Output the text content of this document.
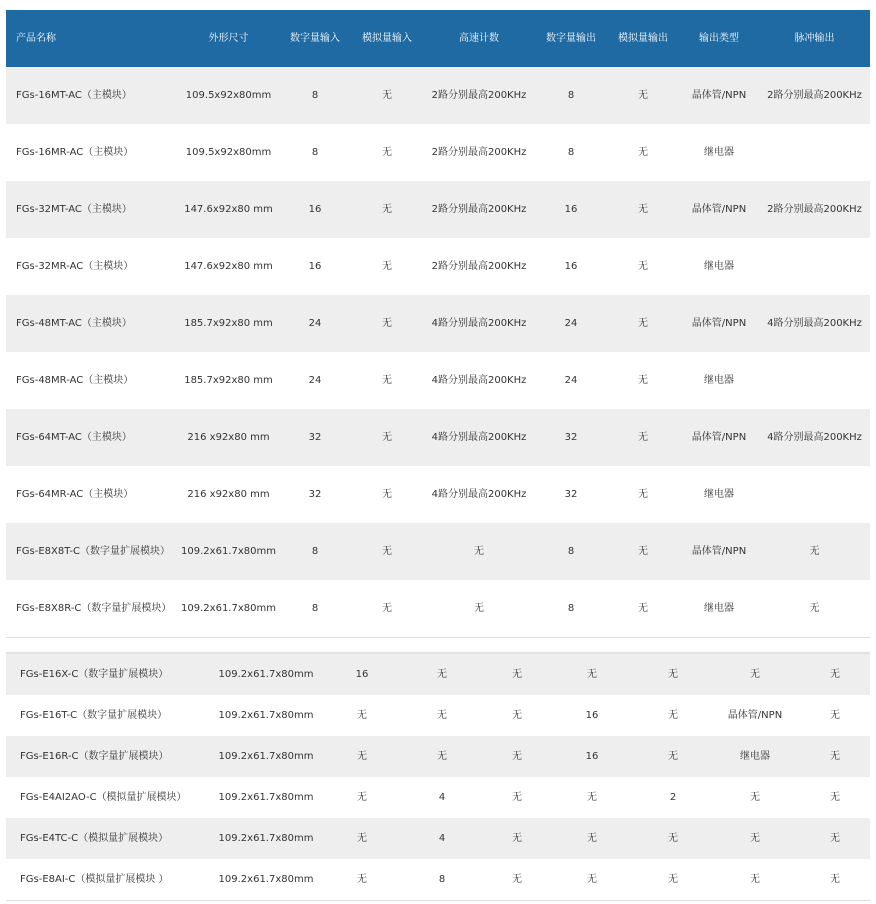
产品名称	外形尺寸	数字量输入	模拟量输入	高速计数	数字量输出	模拟量输出	输出类型	脉冲输出
FGs-16MT-AC（主模块）	109.5x92x80mm	8	无	2路分别最高200KHz	8	无	晶体管/NPN	2路分别最高200KHz
FGs-16MR-AC（主模块）	109.5x92x80mm	8	无	2路分别最高200KHz	8	无	继电器	
FGs-32MT-AC（主模块）	147.6x92x80 mm	16	无	2路分别最高200KHz	16	无	晶体管/NPN	2路分别最高200KHz
FGs-32MR-AC（主模块）	147.6x92x80 mm	16	无	2路分别最高200KHz	16	无	继电器	
FGs-48MT-AC（主模块）	185.7x92x80 mm	24	无	4路分别最高200KHz	24	无	晶体管/NPN	4路分别最高200KHz
FGs-48MR-AC（主模块）	185.7x92x80 mm	24	无	4路分别最高200KHz	24	无	继电器	
FGs-64MT-AC（主模块）	216 x92x80 mm	32	无	4路分别最高200KHz	32	无	晶体管/NPN	4路分别最高200KHz
FGs-64MR-AC（主模块）	216 x92x80 mm	32	无	4路分别最高200KHz	32	无	继电器	
FGs-E8X8T-C（数字量扩展模块）	109.2x61.7x80mm	8	无	无	8	无	晶体管/NPN	无
FGs-E8X8R-C（数字量扩展模块）	109.2x61.7x80mm	8	无	无	8	无	继电器	无
FGs-E16X-C（数字量扩展模块）	109.2x61.7x80mm	16	无	无	无	无	无	无
FGs-E16T-C（数字量扩展模块）	109.2x61.7x80mm	无	无	无	16	无	晶体管/NPN	无
FGs-E16R-C（数字量扩展模块）	109.2x61.7x80mm	无	无	无	16	无	继电器	无
FGs-E4AI2AO-C（模拟量扩展模块）	109.2x61.7x80mm	无	4	无	无	2	无	无
FGs-E4TC-C（模拟量扩展模块）	109.2x61.7x80mm	无	4	无	无	无	无	无
FGs-E8AI-C（模拟量扩展模块 ）	109.2x61.7x80mm	无	8	无	无	无	无	无
